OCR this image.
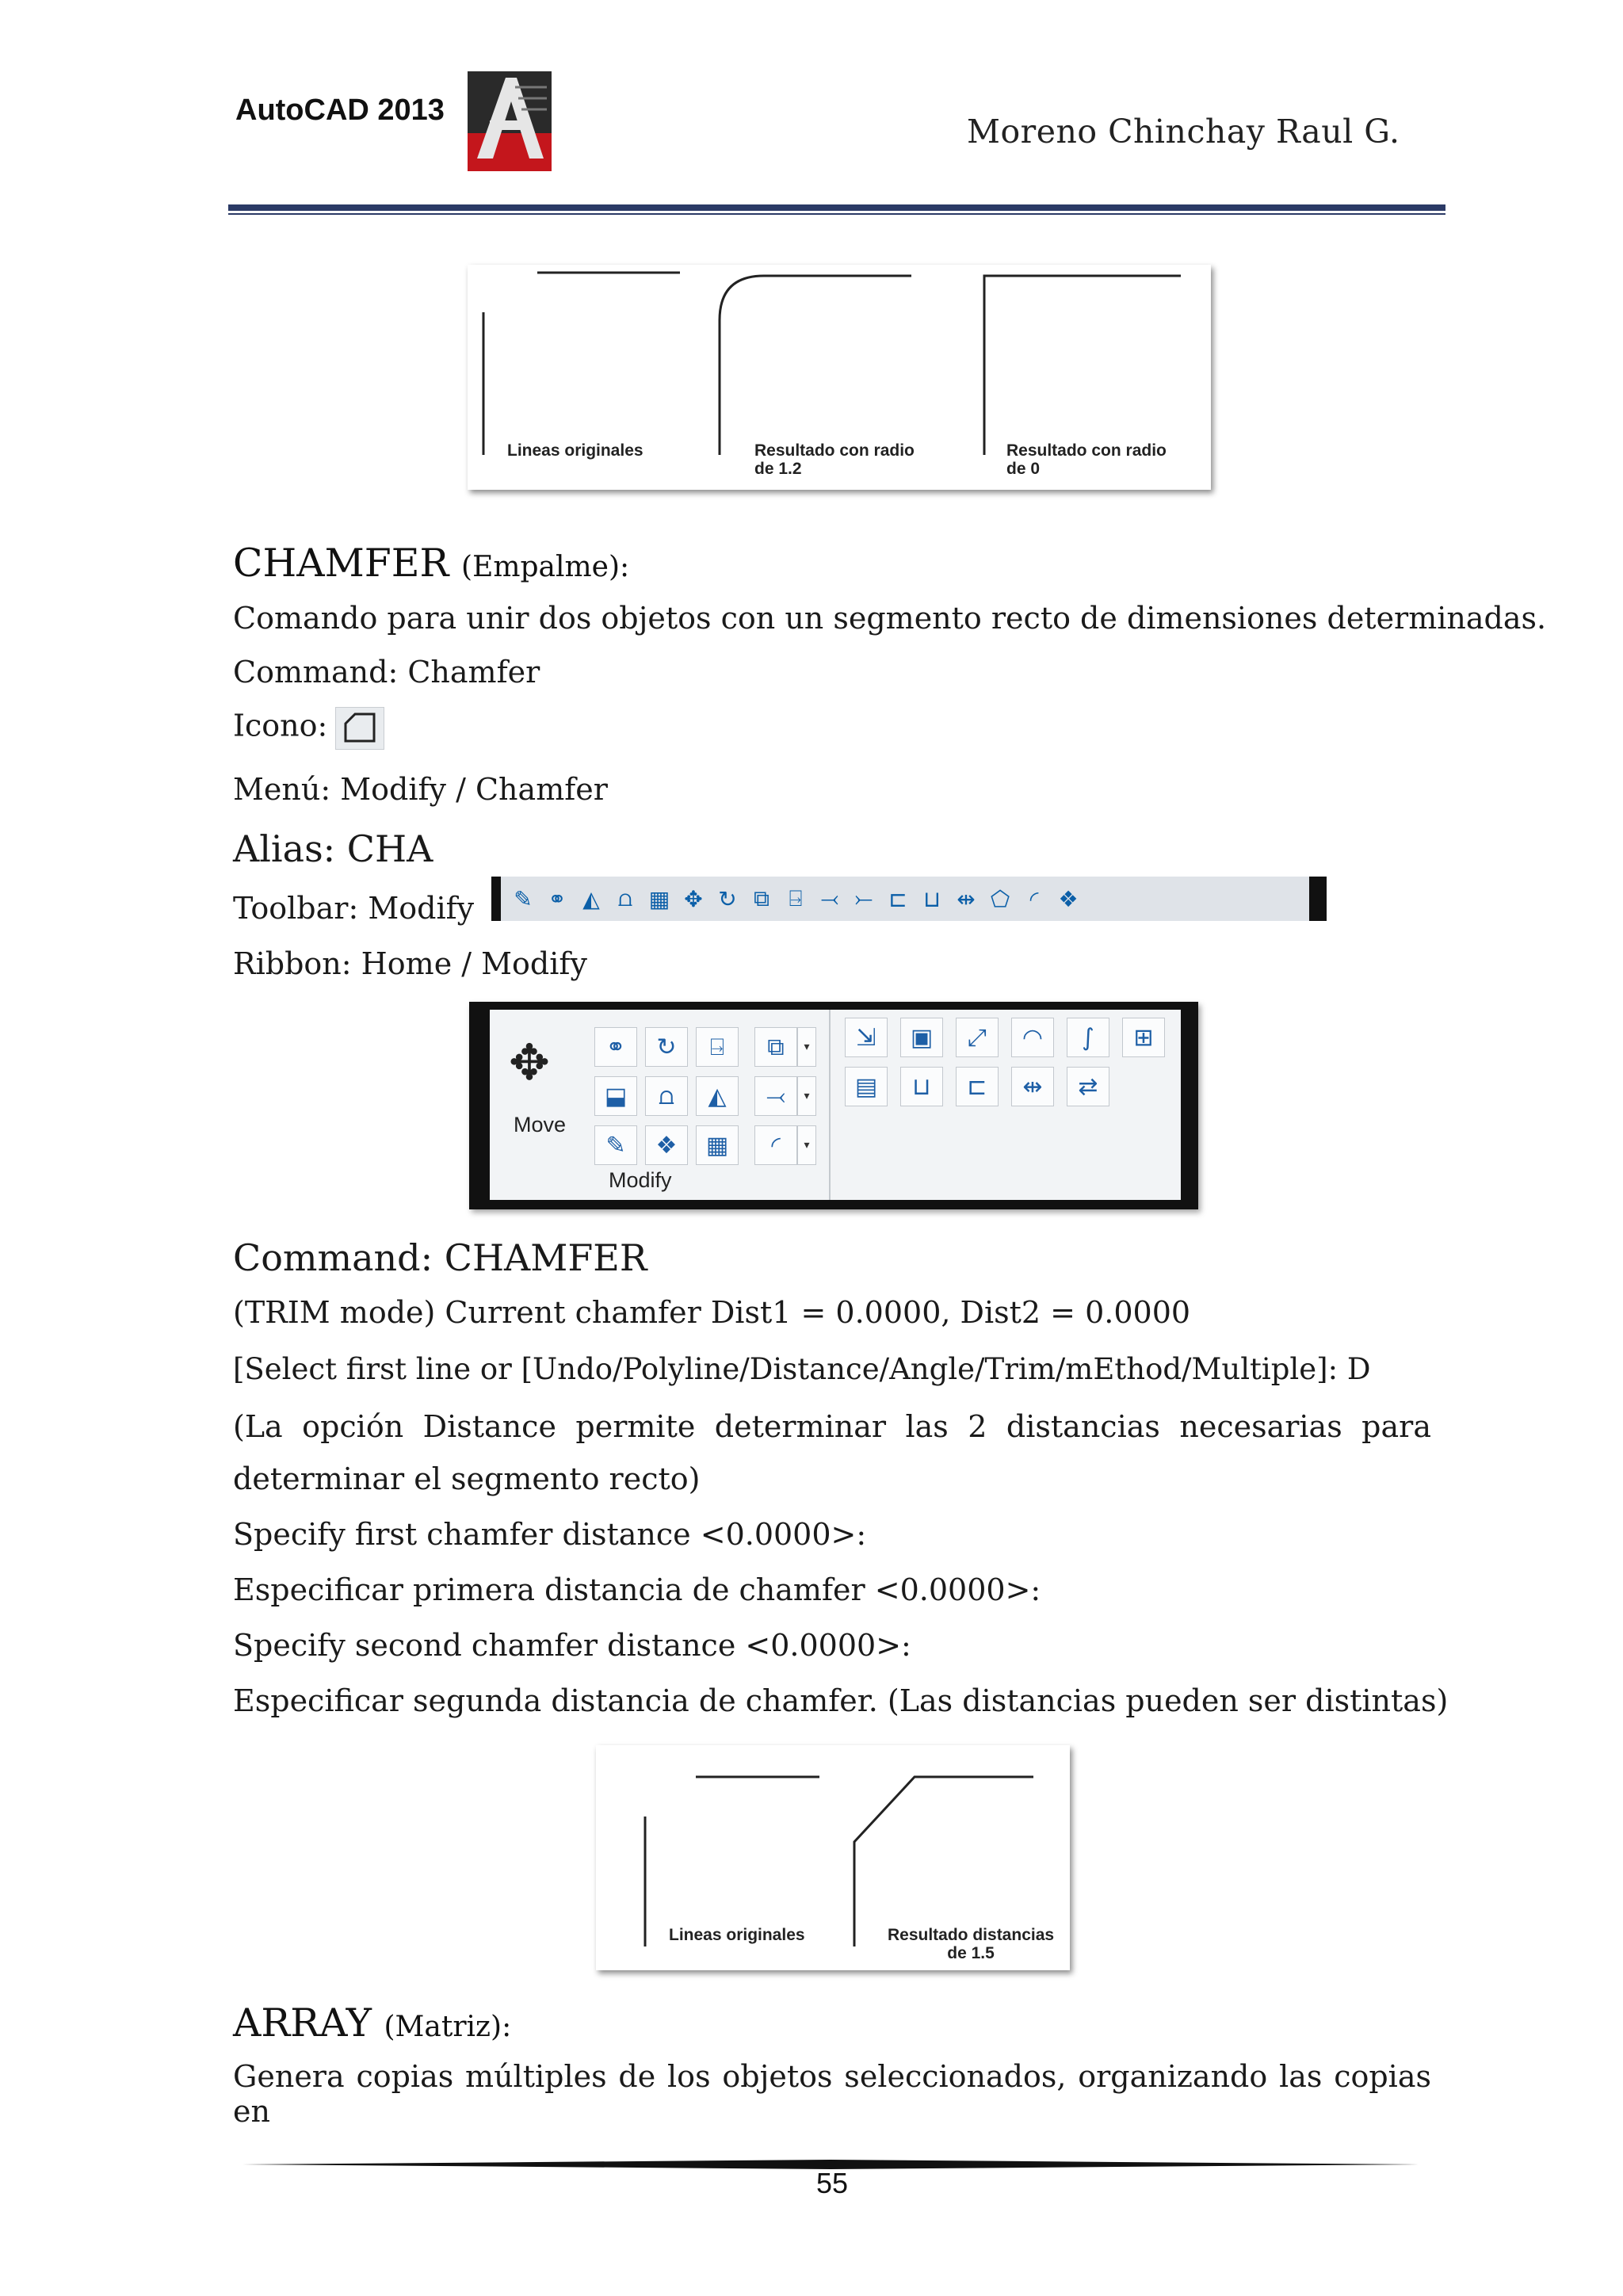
AutoCAD 2013
Moreno Chinchay Raul G.
Lineas originales	Resultado con radio
de 1.2
Resultado con radio
de 0
CHAMFER (Empalme):
Comando para unir dos objetos con un segmento recto de dimensiones determinadas.
Command: Chamfer
Icono:
Menú: Modify / Chamfer
Alias: CHA
Toolbar: Modify ✎ ⚭ ◭ ⩍ ▦ ✥ ↻ ⧉ ⍈ ⤙ ⤚ ⊏ ⊔ ⇹ ⬠ ◜ ❖
Ribbon: Home / Modify
✥
Move
⚭	↻	⍈	⧉	▾
⬓	⩍	◭	⤙	▾
✎	❖	▦	◜	▾
Modify
⇲	▣	⤢	◠	∫	⊞
▤	⊔	⊏	⇹	⇄
Command: CHAMFER
(TRIM mode) Current chamfer Dist1 = 0.0000, Dist2 = 0.0000
[Select first line or [Undo/Polyline/Distance/Angle/Trim/mEthod/Multiple]: D
(La opción Distance permite determinar las 2 distancias necesarias para
determinar el segmento recto)
Specify first chamfer distance <0.0000>:
Especificar primera distancia de chamfer <0.0000>:
Specify second chamfer distance <0.0000>:
Especificar segunda distancia de chamfer. (Las distancias pueden ser distintas)
Lineas originales	Resultado distancias
de 1.5
ARRAY (Matriz):
Genera copias múltiples de los objetos seleccionados, organizando las copias en
55
